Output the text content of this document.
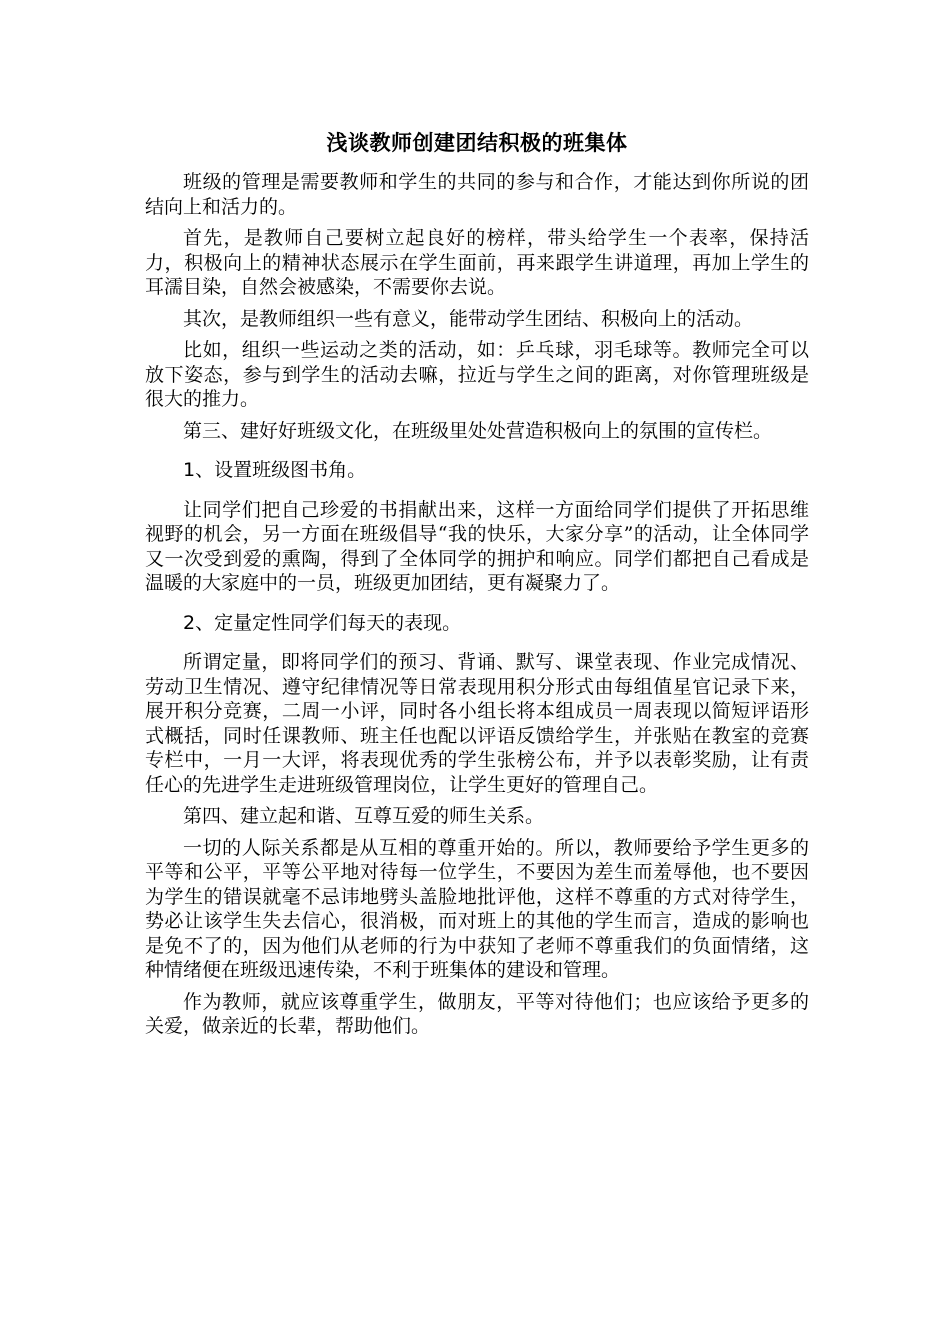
浅谈教师创建团结积极的班集体

班级的管理是需要教师和学生的共同的参与和合作，才能达到你所说的团结向上和活力的。

首先，是教师自己要树立起良好的榜样，带头给学生一个表率，保持活力，积极向上的精神状态展示在学生面前，再来跟学生讲道理，再加上学生的耳濡目染，自然会被感染，不需要你去说。

其次，是教师组织一些有意义，能带动学生团结、积极向上的活动。

比如，组织一些运动之类的活动，如：乒乓球，羽毛球等。教师完全可以放下姿态，参与到学生的活动去嘛，拉近与学生之间的距离，对你管理班级是很大的推力。

第三、建好好班级文化，在班级里处处营造积极向上的氛围的宣传栏。

1、设置班级图书角。

让同学们把自己珍爱的书捐献出来，这样一方面给同学们提供了开拓思维视野的机会，另一方面在班级倡导“我的快乐，大家分享”的活动，让全体同学又一次受到爱的熏陶，得到了全体同学的拥护和响应。同学们都把自己看成是温暖的大家庭中的一员，班级更加团结，更有凝聚力了。

2、定量定性同学们每天的表现。

所谓定量，即将同学们的预习、背诵、默写、课堂表现、作业完成情况、劳动卫生情况、遵守纪律情况等日常表现用积分形式由每组值星官记录下来，展开积分竞赛，二周一小评，同时各小组长将本组成员一周表现以简短评语形式概括，同时任课教师、班主任也配以评语反馈给学生，并张贴在教室的竞赛专栏中，一月一大评，将表现优秀的学生张榜公布，并予以表彰奖励，让有责任心的先进学生走进班级管理岗位，让学生更好的管理自己。

第四、建立起和谐、互尊互爱的师生关系。

一切的人际关系都是从互相的尊重开始的。所以，教师要给予学生更多的平等和公平，平等公平地对待每一位学生，不要因为差生而羞辱他，也不要因为学生的错误就毫不忌讳地劈头盖脸地批评他，这样不尊重的方式对待学生，势必让该学生失去信心，很消极，而对班上的其他的学生而言，造成的影响也是免不了的，因为他们从老师的行为中获知了老师不尊重我们的负面情绪，这种情绪便在班级迅速传染，不利于班集体的建设和管理。

作为教师，就应该尊重学生，做朋友，平等对待他们；也应该给予更多的关爱，做亲近的长辈，帮助他们。
